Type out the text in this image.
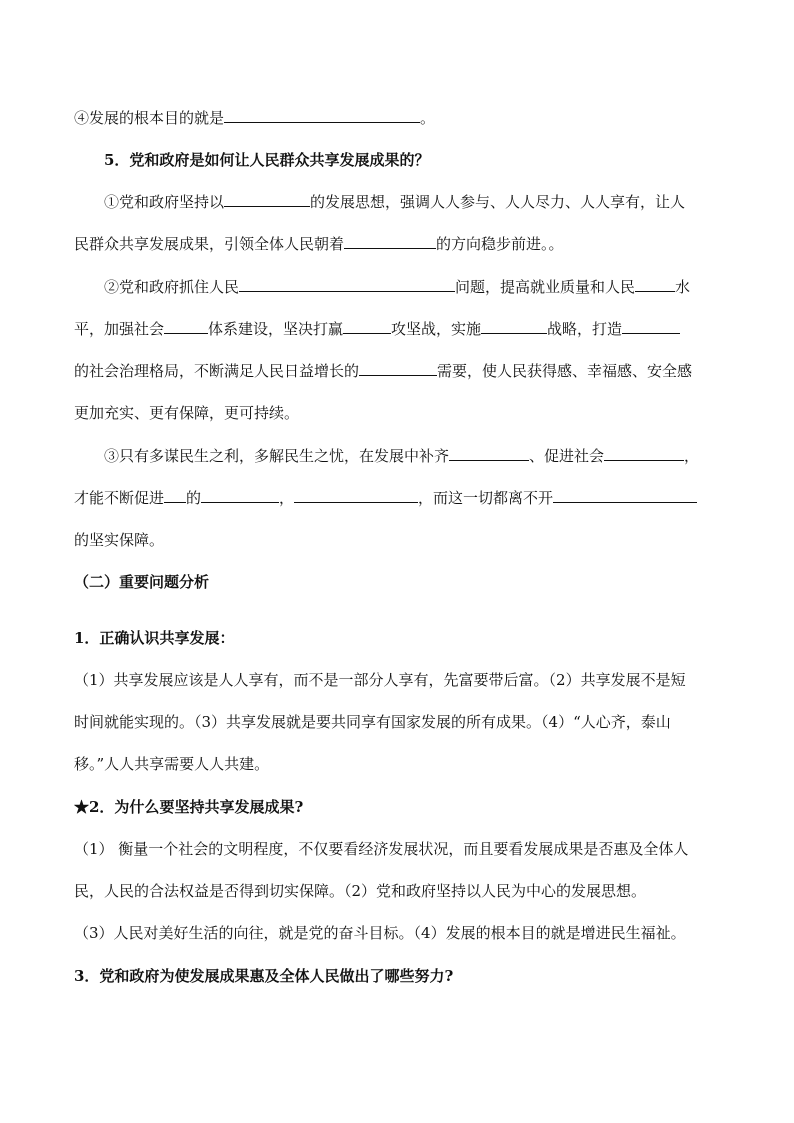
④发展的根本目的就是	。
5．党和政府是如何让人民群众共享发展成果的？
①党和政府坚持以	的发展思想，强调人人参与、人人尽力、人人享有，让人
民群众共享发展成果，引领全体人民朝着	的方向稳步前进。。
②党和政府抓住人民	问题，提高就业质量和人民	水
平，加强社会	体系建设，坚决打赢	攻坚战，实施	战略，打造
的社会治理格局，不断满足人民日益增长的	需要，使人民获得感、幸福感、安全感
更加充实、更有保障，更可持续。
③只有多谋民生之利，多解民生之忧，在发展中补齐	、促进社会	，
才能不断促进 的	，	，而这一切都离不开
的坚实保障。
（二）重要问题分析
1．正确认识共享发展：
（1）共享发展应该是人人享有，而不是一部分人享有，先富要带后富。（2）共享发展不是短
时间就能实现的。（3）共享发展就是要共同享有国家发展的所有成果。（4）“人心齐，泰山
移。”人人共享需要人人共建。
★2．为什么要坚持共享发展成果?
（1） 衡量一个社会的文明程度，不仅要看经济发展状况，而且要看发展成果是否惠及全体人
民，人民的合法权益是否得到切实保障。（2）党和政府坚持以人民为中心的发展思想。
（3）人民对美好生活的向往，就是党的奋斗目标。（4）发展的根本目的就是增进民生福祉。
3．党和政府为使发展成果惠及全体人民做出了哪些努力?
